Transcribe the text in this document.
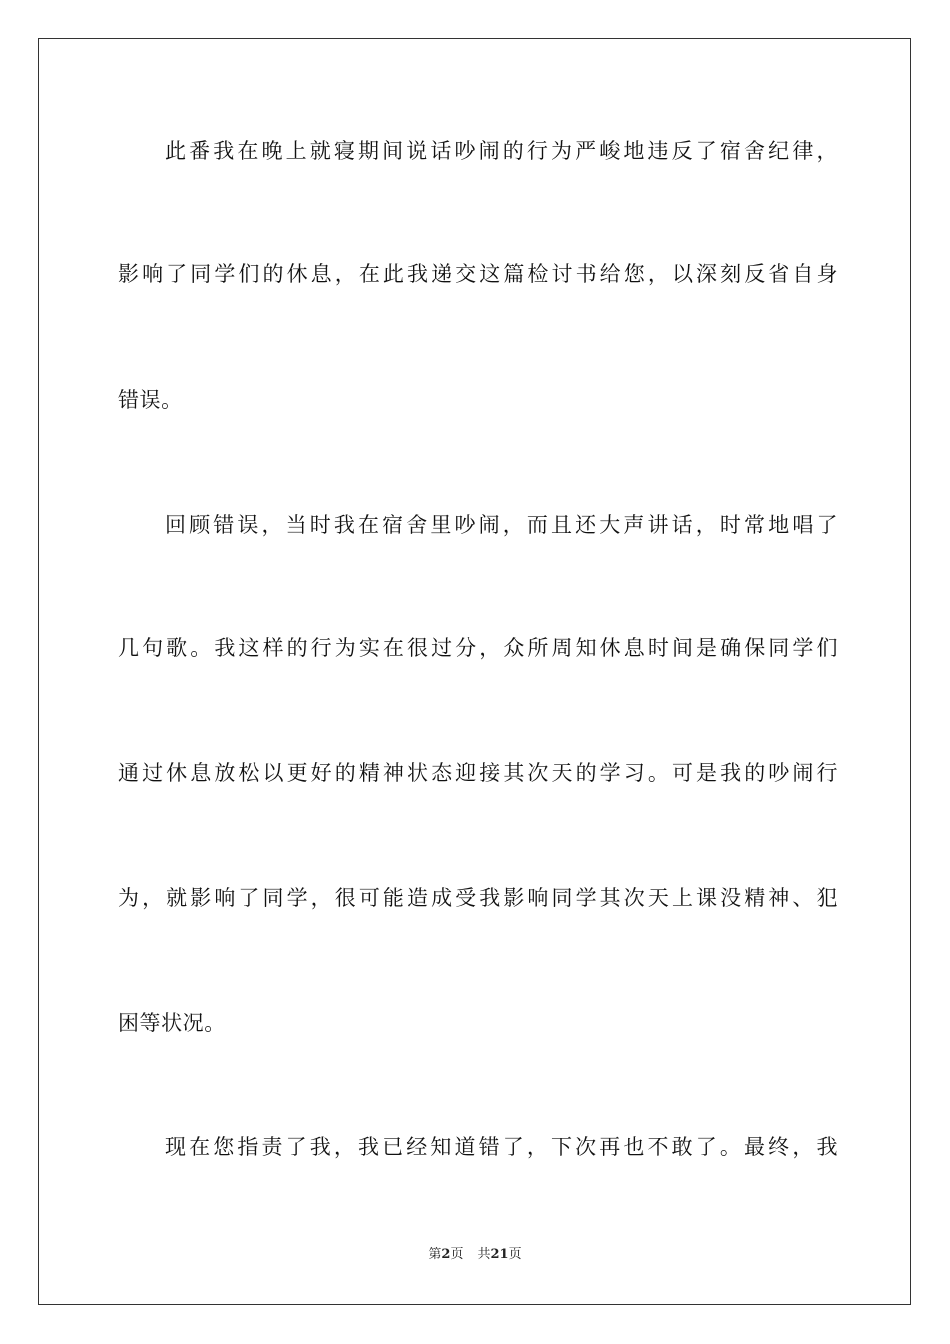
此番我在晚上就寝期间说话吵闹的行为严峻地违反了宿舍纪律，
影响了同学们的休息，在此我递交这篇检讨书给您，以深刻反省自身
错误。
回顾错误，当时我在宿舍里吵闹，而且还大声讲话，时常地唱了
几句歌。我这样的行为实在很过分，众所周知休息时间是确保同学们
通过休息放松以更好的精神状态迎接其次天的学习。可是我的吵闹行
为，就影响了同学，很可能造成受我影响同学其次天上课没精神、犯
困等状况。
现在您指责了我，我已经知道错了，下次再也不敢了。最终，我
第2页 共21页
